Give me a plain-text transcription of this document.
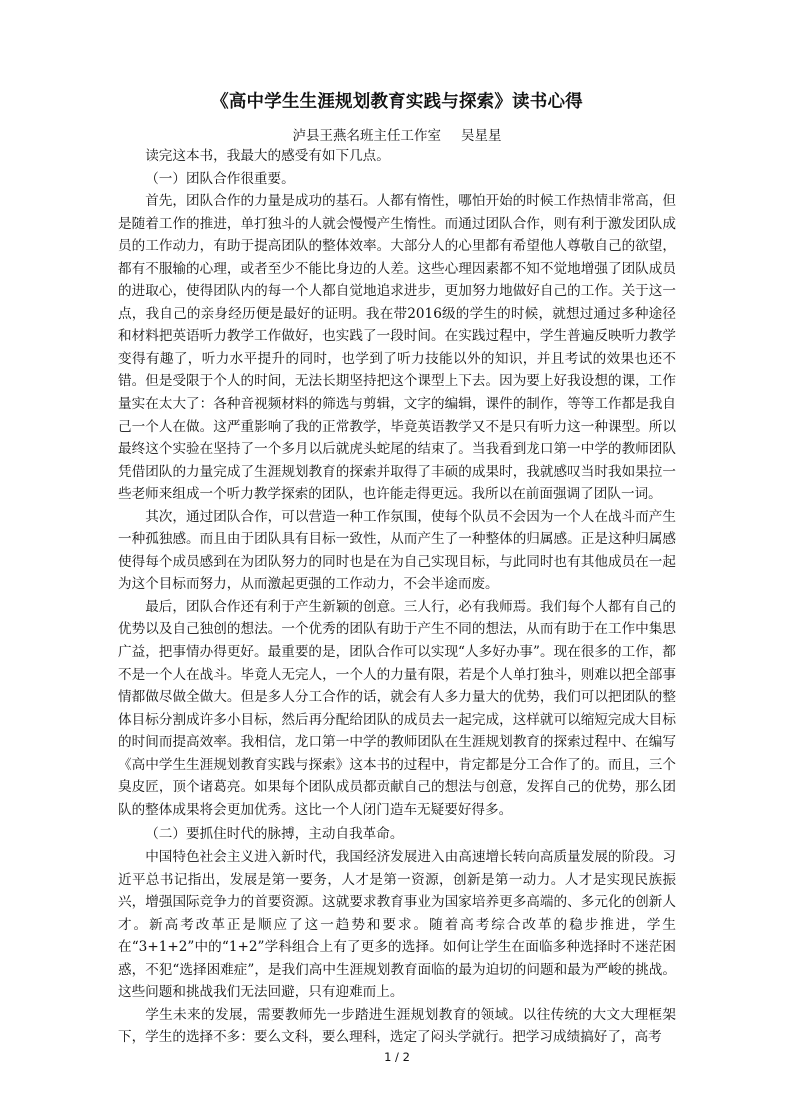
《高中学生生涯规划教育实践与探索》读书心得
泸县王燕名班主任工作室 吴星星

读完这本书，我最大的感受有如下几点。

（一）团队合作很重要。

首先，团队合作的力量是成功的基石。人都有惰性，哪怕开始的时候工作热情非常高，但是随着工作的推进，单打独斗的人就会慢慢产生惰性。而通过团队合作，则有利于激发团队成员的工作动力，有助于提高团队的整体效率。大部分人的心里都有希望他人尊敬自己的欲望，都有不服输的心理，或者至少不能比身边的人差。这些心理因素都不知不觉地增强了团队成员的进取心，使得团队内的每一个人都自觉地追求进步，更加努力地做好自己的工作。关于这一点，我自己的亲身经历便是最好的证明。我在带2016级的学生的时候，就想过通过多种途径和材料把英语听力教学工作做好，也实践了一段时间。在实践过程中，学生普遍反映听力教学变得有趣了，听力水平提升的同时，也学到了听力技能以外的知识，并且考试的效果也还不错。但是受限于个人的时间，无法长期坚持把这个课型上下去。因为要上好我设想的课，工作量实在太大了：各种音视频材料的筛选与剪辑，文字的编辑，课件的制作，等等工作都是我自己一个人在做。这严重影响了我的正常教学，毕竟英语教学又不是只有听力这一种课型。所以最终这个实验在坚持了一个多月以后就虎头蛇尾的结束了。当我看到龙口第一中学的教师团队凭借团队的力量完成了生涯规划教育的探索并取得了丰硕的成果时，我就感叹当时我如果拉一些老师来组成一个听力教学探索的团队，也许能走得更远。我所以在前面强调了团队一词。

其次，通过团队合作，可以营造一种工作氛围，使每个队员不会因为一个人在战斗而产生一种孤独感。而且由于团队具有目标一致性，从而产生了一种整体的归属感。正是这种归属感使得每个成员感到在为团队努力的同时也是在为自己实现目标，与此同时也有其他成员在一起为这个目标而努力，从而激起更强的工作动力，不会半途而废。

最后，团队合作还有利于产生新颖的创意。三人行，必有我师焉。我们每个人都有自己的优势以及自己独创的想法。一个优秀的团队有助于产生不同的想法，从而有助于在工作中集思广益，把事情办得更好。最重要的是，团队合作可以实现“人多好办事”。现在很多的工作，都不是一个人在战斗。毕竟人无完人，一个人的力量有限，若是个人单打独斗，则难以把全部事情都做尽做全做大。但是多人分工合作的话，就会有人多力量大的优势，我们可以把团队的整体目标分割成许多小目标，然后再分配给团队的成员去一起完成，这样就可以缩短完成大目标的时间而提高效率。我相信，龙口第一中学的教师团队在生涯规划教育的探索过程中、在编写《高中学生生涯规划教育实践与探索》这本书的过程中，肯定都是分工合作了的。而且，三个臭皮匠，顶个诸葛亮。如果每个团队成员都贡献自己的想法与创意，发挥自己的优势，那么团队的整体成果将会更加优秀。这比一个人闭门造车无疑要好得多。

（二）要抓住时代的脉搏，主动自我革命。

中国特色社会主义进入新时代，我国经济发展进入由高速增长转向高质量发展的阶段。习近平总书记指出，发展是第一要务，人才是第一资源，创新是第一动力。人才是实现民族振兴，增强国际竞争力的首要资源。这就要求教育事业为国家培养更多高端的、多元化的创新人才。新高考改革正是顺应了这一趋势和要求。随着高考综合改革的稳步推进，学生在“3+1+2”中的“1+2”学科组合上有了更多的选择。如何让学生在面临多种选择时不迷茫困惑，不犯“选择困难症”，是我们高中生涯规划教育面临的最为迫切的问题和最为严峻的挑战。这些问题和挑战我们无法回避，只有迎难而上。

学生未来的发展，需要教师先一步踏进生涯规划教育的领域。以往传统的大文大理框架下，学生的选择不多：要么文科，要么理科，选定了闷头学就行。把学习成绩搞好了，高考

1 / 2
